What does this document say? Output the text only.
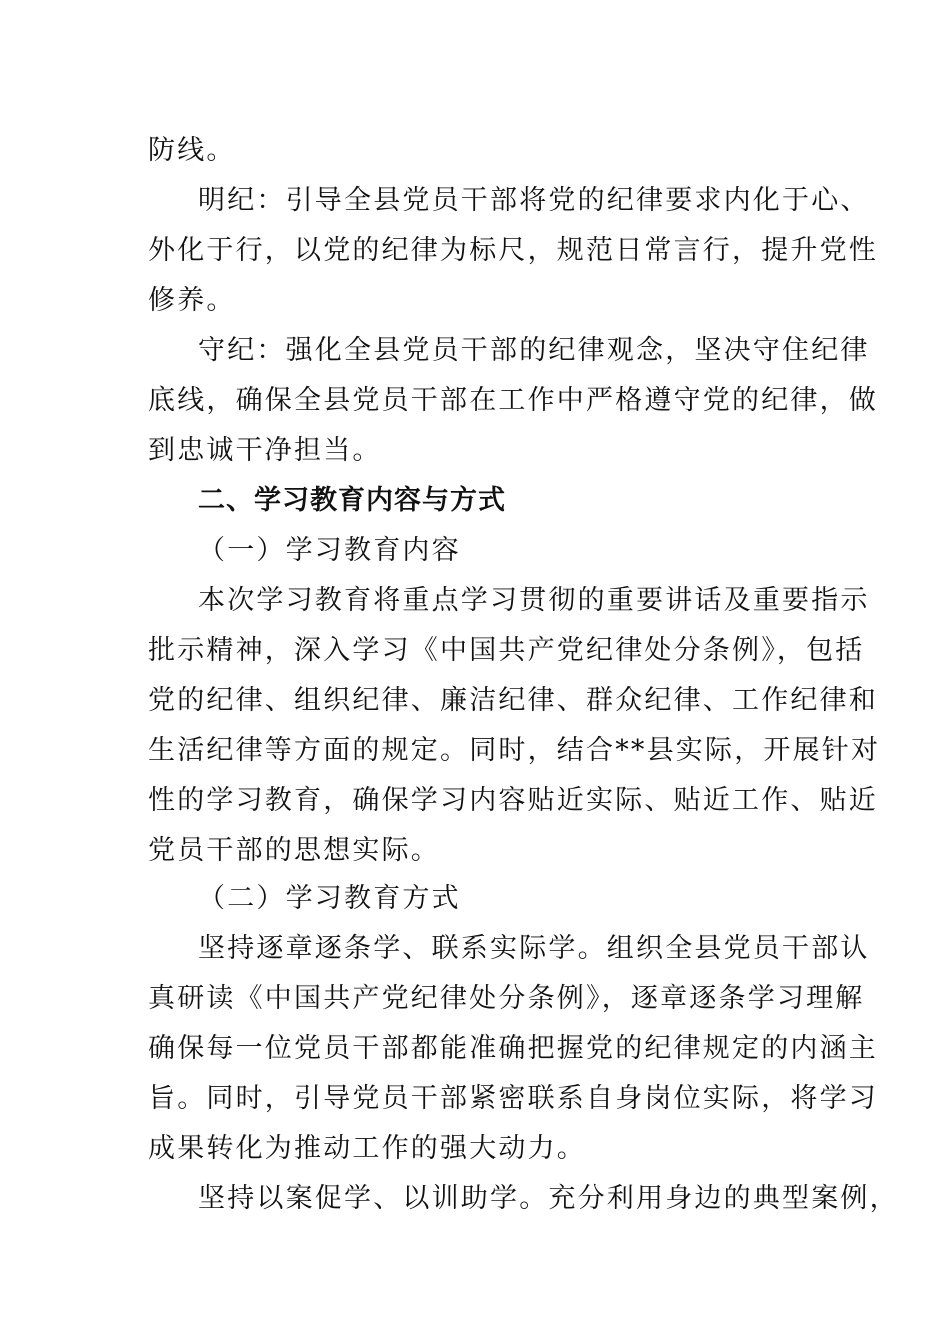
防线。
明纪：引导全县党员干部将党的纪律要求内化于心、
外化于行，以党的纪律为标尺，规范日常言行，提升党性
修养。
守纪：强化全县党员干部的纪律观念，坚决守住纪律
底线，确保全县党员干部在工作中严格遵守党的纪律，做
到忠诚干净担当。
二、学习教育内容与方式
（一）学习教育内容
本次学习教育将重点学习贯彻的重要讲话及重要指示
批示精神，深入学习《中国共产党纪律处分条例》，包括
党的纪律、组织纪律、廉洁纪律、群众纪律、工作纪律和
生活纪律等方面的规定。同时，结合**县实际，开展针对
性的学习教育，确保学习内容贴近实际、贴近工作、贴近
党员干部的思想实际。
（二）学习教育方式
坚持逐章逐条学、联系实际学。组织全县党员干部认
真研读《中国共产党纪律处分条例》，逐章逐条学习理解
确保每一位党员干部都能准确把握党的纪律规定的内涵主
旨。同时，引导党员干部紧密联系自身岗位实际，将学习
成果转化为推动工作的强大动力。
坚持以案促学、以训助学。充分利用身边的典型案例，
